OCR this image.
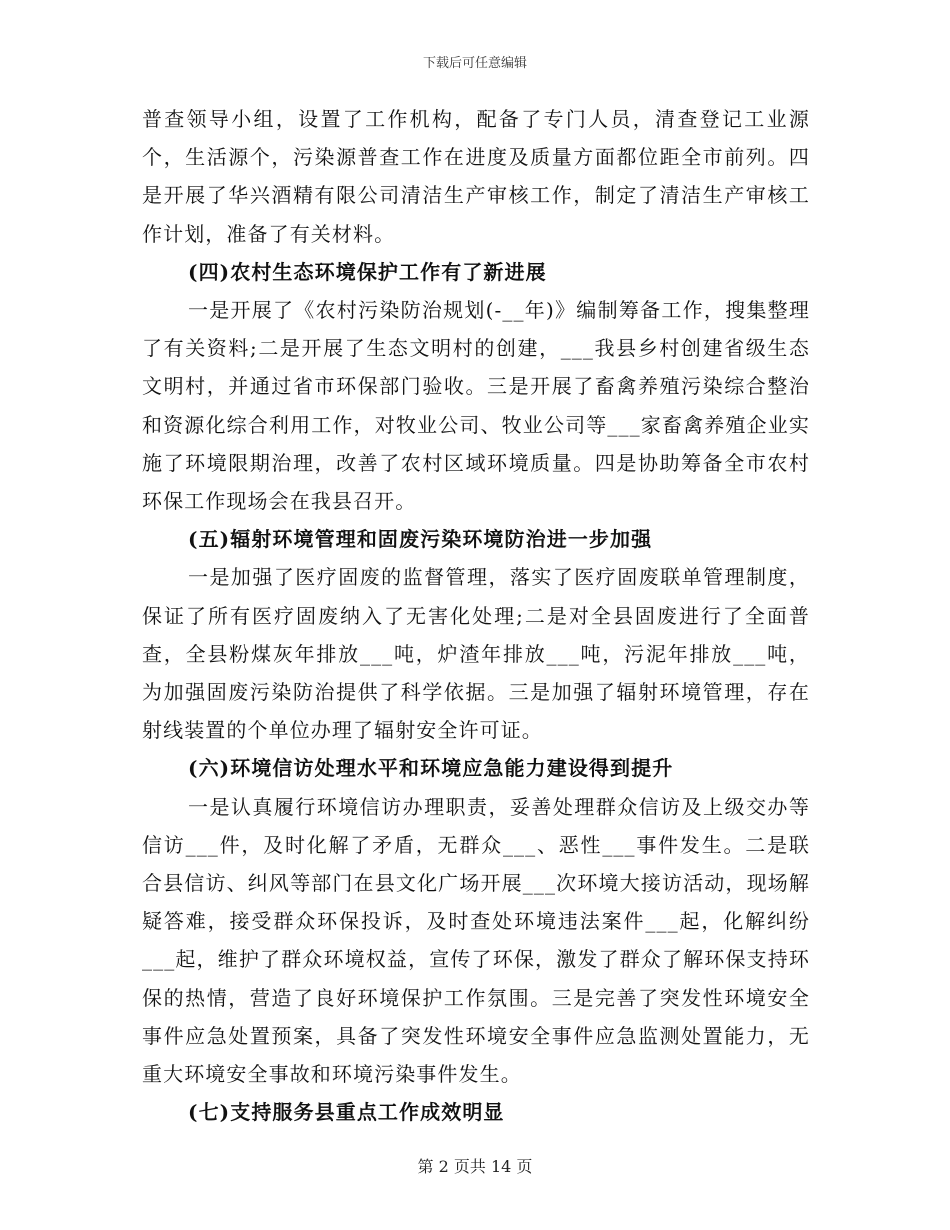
下载后可任意编辑

普查领导小组，设置了工作机构，配备了专门人员，清查登记工业源个，生活源个，污染源普查工作在进度及质量方面都位距全市前列。四是开展了华兴酒精有限公司清洁生产审核工作，制定了清洁生产审核工作计划，准备了有关材料。

(四)农村生态环境保护工作有了新进展

一是开展了《农村污染防治规划(-__年)》编制筹备工作，搜集整理了有关资料;二是开展了生态文明村的创建，___我县乡村创建省级生态文明村，并通过省市环保部门验收。三是开展了畜禽养殖污染综合整治和资源化综合利用工作，对牧业公司、牧业公司等___家畜禽养殖企业实施了环境限期治理，改善了农村区域环境质量。四是协助筹备全市农村环保工作现场会在我县召开。

(五)辐射环境管理和固废污染环境防治进一步加强

一是加强了医疗固废的监督管理，落实了医疗固废联单管理制度，保证了所有医疗固废纳入了无害化处理;二是对全县固废进行了全面普查，全县粉煤灰年排放___吨，炉渣年排放___吨，污泥年排放___吨，为加强固废污染防治提供了科学依据。三是加强了辐射环境管理，存在射线装置的个单位办理了辐射安全许可证。

(六)环境信访处理水平和环境应急能力建设得到提升

一是认真履行环境信访办理职责，妥善处理群众信访及上级交办等信访___件，及时化解了矛盾，无群众___、恶性___事件发生。二是联合县信访、纠风等部门在县文化广场开展___次环境大接访活动，现场解疑答难，接受群众环保投诉，及时查处环境违法案件___起，化解纠纷___起，维护了群众环境权益，宣传了环保，激发了群众了解环保支持环保的热情，营造了良好环境保护工作氛围。三是完善了突发性环境安全事件应急处置预案，具备了突发性环境安全事件应急监测处置能力，无重大环境安全事故和环境污染事件发生。

(七)支持服务县重点工作成效明显

第 2 页共 14 页
